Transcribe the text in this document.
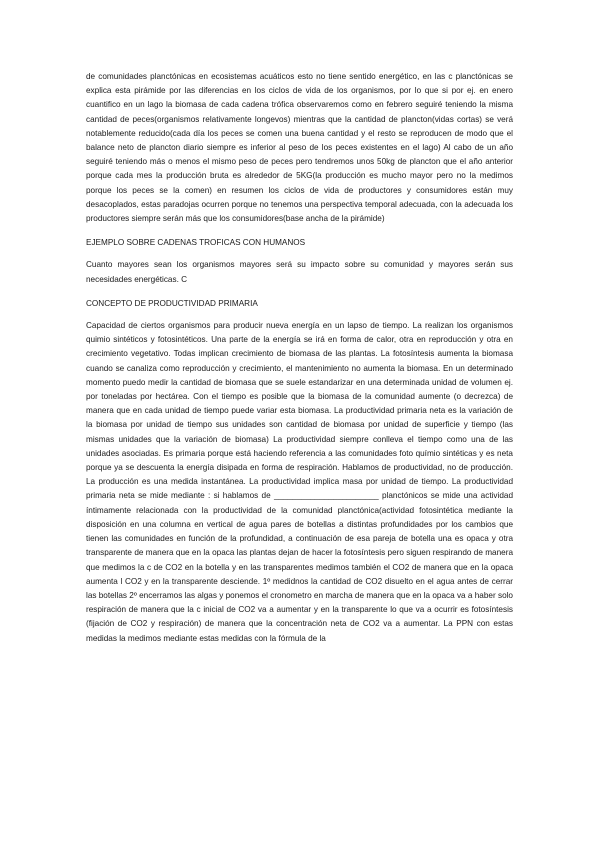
de comunidades planctónicas en ecosistemas acuáticos esto no tiene sentido energético, en las c planctónicas se explica esta pirámide por las diferencias en los ciclos de vida de los organismos, por lo que si por ej. en enero cuantifico en un lago la biomasa de cada cadena trófica observaremos como en febrero seguiré teniendo la misma cantidad de peces(organismos relativamente longevos) mientras que la cantidad de plancton(vidas cortas) se verá notablemente reducido(cada día los peces se comen una buena cantidad y el resto se reproducen de modo que el balance neto de plancton diario siempre es inferior al peso de los peces existentes en el lago) Al cabo de un año seguiré teniendo más o menos el mismo peso de peces pero tendremos unos 50kg de plancton que el año anterior porque cada mes la producción bruta es alrededor de 5KG(la producción es mucho mayor pero no la medimos porque los peces se la comen) en resumen los ciclos de vida de productores y consumidores están muy desacoplados, estas paradojas ocurren porque no tenemos una perspectiva temporal adecuada, con la adecuada los productores siempre serán más que los consumidores(base ancha de la pirámide)

EJEMPLO SOBRE CADENAS TROFICAS CON HUMANOS

Cuanto mayores sean los organismos mayores será su impacto sobre su comunidad y mayores serán sus necesidades energéticas. C

CONCEPTO DE PRODUCTIVIDAD PRIMARIA

Capacidad de ciertos organismos para producir nueva energía en un lapso de tiempo. La realizan los organismos quimio sintéticos y fotosintéticos. Una parte de la energía se irá en forma de calor, otra en reproducción y otra en crecimiento vegetativo. Todas implican crecimiento de biomasa de las plantas. La fotosíntesis aumenta la biomasa cuando se canaliza como reproducción y crecimiento, el mantenimiento no aumenta la biomasa. En un determinado momento puedo medir la cantidad de biomasa que se suele estandarizar en una determinada unidad de volumen ej. por toneladas por hectárea. Con el tiempo es posible que la biomasa de la comunidad aumente (o decrezca) de manera que en cada unidad de tiempo puede variar esta biomasa. La productividad primaria neta es la variación de la biomasa por unidad de tiempo sus unidades son cantidad de biomasa por unidad de superficie y tiempo (las mismas unidades que la variación de biomasa) La productividad siempre conlleva el tiempo como una de las unidades asociadas. Es primaria porque está haciendo referencia a las comunidades foto químio sintéticas y es neta porque ya se descuenta la energía disipada en forma de respiración. Hablamos de productividad, no de producción. La producción es una medida instantánea. La productividad implica masa por unidad de tiempo. La productividad primaria neta se mide mediante : si hablamos de _______________________ planctónicos se mide una actividad íntimamente relacionada con la productividad de la comunidad planctónica(actividad fotosintética mediante la disposición en una columna en vertical de agua pares de botellas a distintas profundidades por los cambios que tienen las comunidades en función de la profundidad, a continuación de esa pareja de botella una es opaca y otra transparente de manera que en la opaca las plantas dejan de hacer la fotosíntesis pero siguen respirando de manera que medimos la c de CO2 en la botella y en las transparentes medimos también el CO2 de manera que en la opaca aumenta l CO2 y en la transparente desciende. 1º medidnos la cantidad de CO2 disuelto en el agua antes de cerrar las botellas 2º encerramos las algas y ponemos el cronometro en marcha de manera que en la opaca va a haber solo respiración de manera que la c inicial de CO2 va a aumentar y en la transparente lo que va a ocurrir es fotosíntesis (fijación de CO2 y respiración) de manera que la concentración neta de CO2 va a aumentar. La PPN con estas medidas la medimos mediante estas medidas con la fórmula de la
